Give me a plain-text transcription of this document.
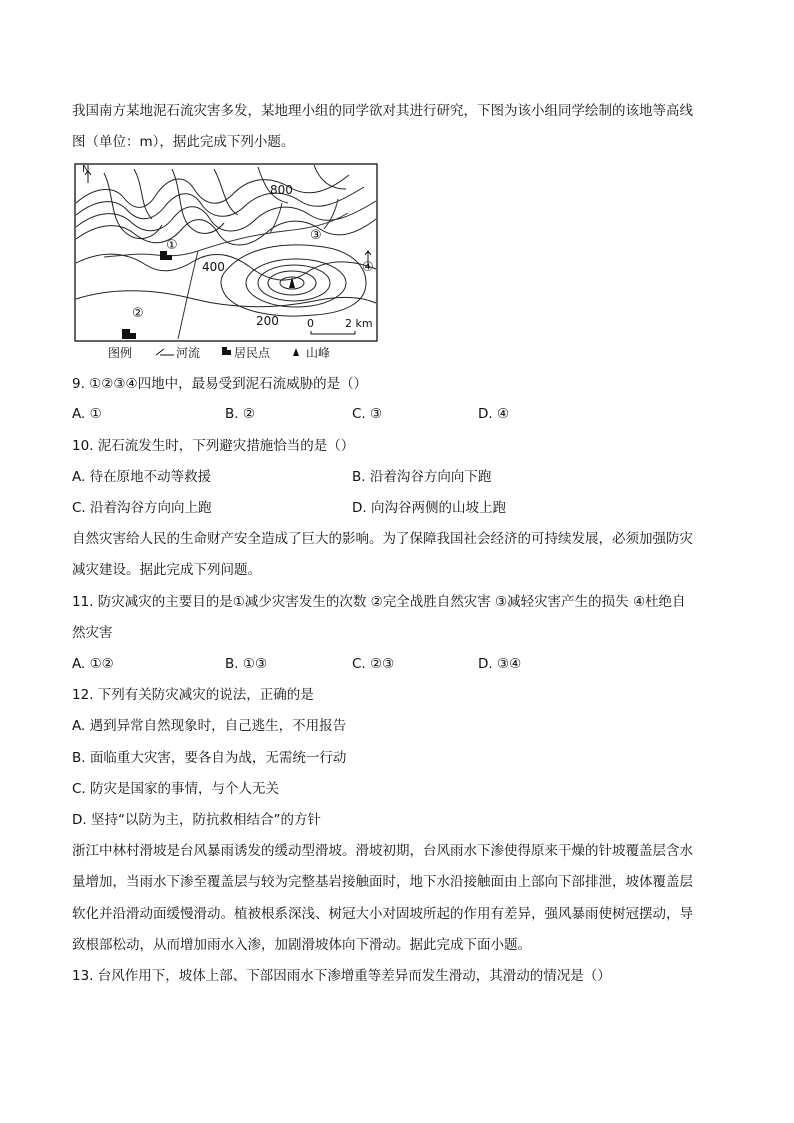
我国南方某地泥石流灾害多发，某地理小组的同学欲对其进行研究，下图为该小组同学绘制的该地等高线
图（单位：m），据此完成下列小题。
N
800
400
200
①
②
③
④
0	2 km
图例	河流	居民点	山峰
9. ①②③④四地中，最易受到泥石流威胁的是（）
A. ①	B. ②	C. ③	D. ④
10. 泥石流发生时，下列避灾措施恰当的是（）
A. 待在原地不动等救援	B. 沿着沟谷方向向下跑
C. 沿着沟谷方向向上跑	D. 向沟谷两侧的山坡上跑
自然灾害给人民的生命财产安全造成了巨大的影响。为了保障我国社会经济的可持续发展，必须加强防灾
减灾建设。据此完成下列问题。
11. 防灾减灾的主要目的是①减少灾害发生的次数 ②完全战胜自然灾害 ③减轻灾害产生的损失 ④杜绝自
然灾害
A. ①②	B. ①③	C. ②③	D. ③④
12. 下列有关防灾减灾的说法，正确的是
A. 遇到异常自然现象时，自己逃生，不用报告
B. 面临重大灾害，要各自为战，无需统一行动
C. 防灾是国家的事情，与个人无关
D. 坚持“以防为主，防抗救相结合”的方针
浙江中林村滑坡是台风暴雨诱发的缓动型滑坡。滑坡初期，台风雨水下渗使得原来干燥的针坡覆盖层含水
量增加，当雨水下渗至覆盖层与较为完整基岩接触面时，地下水沿接触面由上部向下部排泄，坡体覆盖层
软化并沿滑动面缓慢滑动。植被根系深浅、树冠大小对固坡所起的作用有差异，强风暴雨使树冠摆动，导
致根部松动，从而增加雨水入渗，加剧滑坡体向下滑动。据此完成下面小题。
13. 台风作用下，坡体上部、下部因雨水下渗增重等差异而发生滑动，其滑动的情况是（）
